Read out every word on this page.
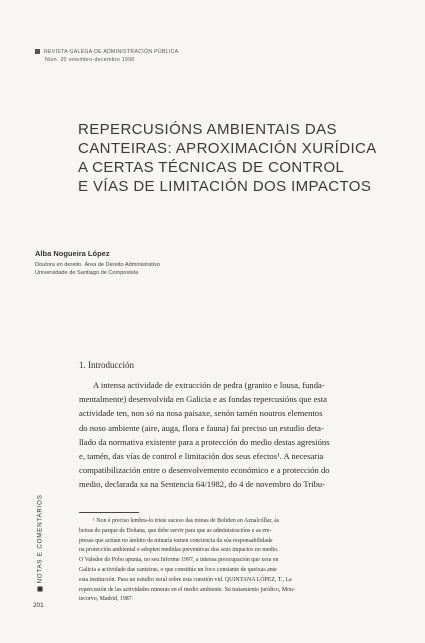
REVISTA GALEGA DE ADMINISTRACIÓN PÚBLICA
Núm. 20 setembro-decembro 1998
REPERCUSIÓNS AMBIENTAIS DAS
CANTEIRAS: APROXIMACIÓN XURÍDICA
A CERTAS TÉCNICAS DE CONTROL
E VÍAS DE LIMITACIÓN DOS IMPACTOS
Alba Nogueira López
Doutora en dereito. Área de Dereito Administrativo
Universidade de Santiago de Compostela
1. Introducción
A intensa actividade de extracción de pedra (granito e lousa, funda-
mentalmente) desenvolvida en Galicia e as fondas repercusións que esta
actividade ten, non só na nosa paisaxe, senón tamén noutros elementos
do noso ambiente (aire, auga, flora e fauna) fai preciso un estudio deta-
llado da normativa existente para a protección do medio destas agresións
e, tamén, das vías de control e limitación dos seus efectos¹. A necesaria
compatibilización entre o desenvolvemento económico e a protección do
medio, declarada xa na Sentencia 64/1982, do 4 de novembro do Tribu-
¹ Non é preciso lembra-lo triste suceso das minas de Boliden en Aznalcóllar, ás
beiras do parque de Doñana, que debe servir para que as administracións e as em-
presas que actúan no ámbito da minaría tomen conciencia da súa responsabilidade
na protección ambiental e adopten medidas preventivas dos seus impactos no medio.
O Valedor do Pobo apunta, no seu Informe 1997, a intensa preocupación que xera en
Galicia a actividade das canteiras, o que constitúe un foco constante de queixas ante
esta institución. Para un estudio xeral sobre esta cuestión vid. QUINTANA LÓPEZ, T., La
repercusión de las actividades mineras en el medio ambiente. Su tratamiento jurídico, Mon-
tecorvo, Madrid, 1987.
NOTAS E COMENTARIOS
201
